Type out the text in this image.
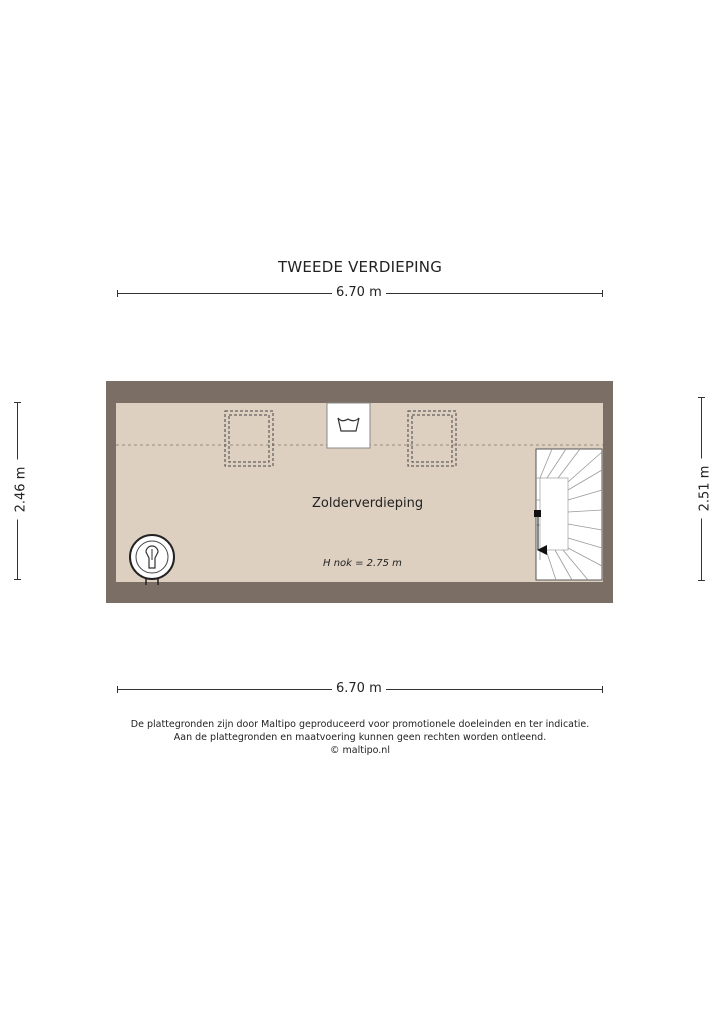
TWEEDE VERDIEPING
6.70 m
2.46 m	2.51 m
Zolderverdieping
H nok = 2.75 m
6.70 m
De plattegronden zijn door Maltipo geproduceerd voor promotionele doeleinden en ter indicatie.
Aan de plattegronden en maatvoering kunnen geen rechten worden ontleend.
© maltipo.nl
